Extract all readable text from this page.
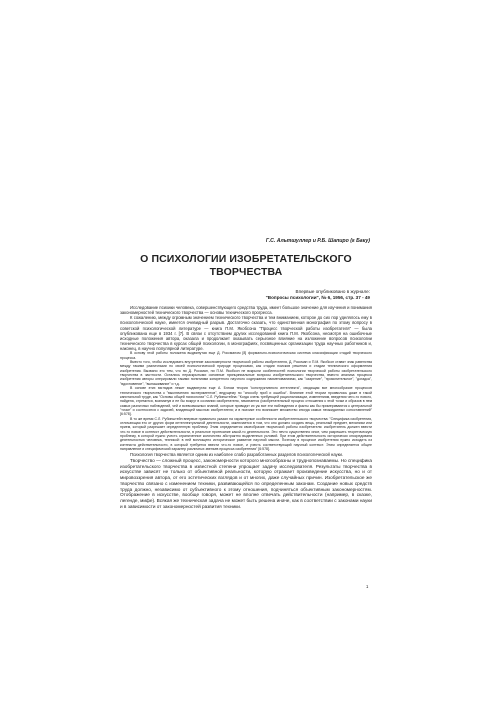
Г.С. Альтшуллер и Р.Б. Шапиро (г Баку)
О ПСИХОЛОГИИ ИЗОБРЕТАТЕЛЬСКОГО
ТВОРЧЕСТВА
Впервые опубликовано в журнале:
"Вопросы психологии", № 6, 1956, стр. 37 - 49

Исследование психики человека, совершенствующего средства труда, имеет большое значение для изучения и понимания закономерностей технического творчества — основы технического прогресса.

К сожалению, между огромным значением технического творчества и тем вниманием, которое до сих пор уделялось ему в психологической науке, имеется очевидный разрыв. Достаточно сказать, что единственная монография по этому вопросу в советской психологической литературе — книга П.М. Якобсона "Процесс творческой работы изобретателя" — была опубликована еще в 1934 г. [7]. В связи с отсутствием других исследований книга П.М. Якобсона, несмотря на ошибочные исходные положения автора, оказала и продолжает оказывать серьезное влияние на изложение вопросов психологии технического творчества в курсах общей психологии, в монографиях, посвященных организации труда научных работников и, наконец, в научно популярной литературе.

В основу этой работы положена выдвинутая еще Д. Россманом [8] формально-психологическая система классификации стадий творческого процесса.

Вместо того, чтобы исследовать внутренние закономерности творческой работы изобретателя, Д. Россман и П.М. Якобсон ставят знак равенства между такими различными по своей психологической природе процессами, как стадии поисков решения и стадии технического оформления изобретения. Вызвано это тем, что ни Д. Россман, ни П.М. Якобсон не вскрыли особенностей психологии творческой работы изобретательского творчества в частности. Остались нераскрытыми основные принципиальные вопросы изобретательского творчества, вместо анализа процесса изобретения авторы оперировали такими понятиями конкретного научного содержания наименованиями, как "озарение", "прояснительное", "догадка", "вдохновение", "вынашивание" и т.д.

В основе этих взглядов лежит выдвинутая еще А. Бэном теория "конструктивного интеллекта", сводящая все многообразие процессов технического творчества к "выключению экспериментов", ведущему по "способу проб и ошибок". Влияние этой теории проявилось даже в такой капитальной труде, как "Основы общей психологии" С.Л. Рубинштейна: "Когда очень требующей рационализации, изменениям, введения чего-то нового, найдена, стремится, возникнув и ее бы вокруг в сознании изобретателя, начинается (изобретательный процесс отношения к этой точки и образов в нем самых различных наблюдений, чей и всевозможных знаний, которые приводят их уж все эти наблюдения и факты как бы примериваются к центральной "точке" и соотносятся с задачей, владеющей мыслью изобретателя; и в психике его возникает множество иногда самых неожиданных сопоставлений" [6:578].

В то же время С.Л. Рубинштейн впервые правильно указал на характерные особенности изобретательского творчества: "Специфика изобретения, отличающая его от других форм интеллектуальной деятельности, заключается в том, что оно должно создать вещь, реальный предмет, механизм или прием, который разрешает определенную проблему. Этим определяется своеобразие творческой работы изобретателя: изобретатель должен ввести что-то новое в контекст действительности, в реальное протекание какой-то деятельности. Это нечто существенно иное, чем разрешить теоретическую проблему, в которой нужно учесть ограниченное количество абстрактно выделенных условий. При этом действительность исторически опосредована деятельностью человека, техникой: в ней воплощено историческое развитие научной мысли. Поэтому в процессе изобретения нужно исходить из контекста действительности, в который требуется ввести что-то новое, и учесть соответствующий научный контекст. Этим определяется общее направление и специфический характер различных звеньев процесса изобретения" [6:578].

Психология творчества является одним из наиболее слабо разработанных разделов психологической науки.

Творчество — сложный процесс, закономерности которого многообразны и труднопознаваемы. Но специфика изобретательского творчества в известной степени упрощает задачу исследователя. Результаты творчества в искусстве зависят не только от объективной реальности, которую отражает произведение искусства, но и от мировоззрения автора, от его эстетических взглядов и от многих, даже случайных причин. Изобретательское же творчество связано с изменением техники, развивающейся по определенным законам. Создание новых средств труда должно, независимо от субъективного к этому отношения, подчиняться объективным закономерностям. Отображение в искусстве, вообще говоря, может не вполне отвечать действительности (например, в сказке, легенде, мифе). Всякая же техническая задача не может быть решена иначе, как в соответствии с законами науки и в зависимости от закономерностей развития техники.

1
